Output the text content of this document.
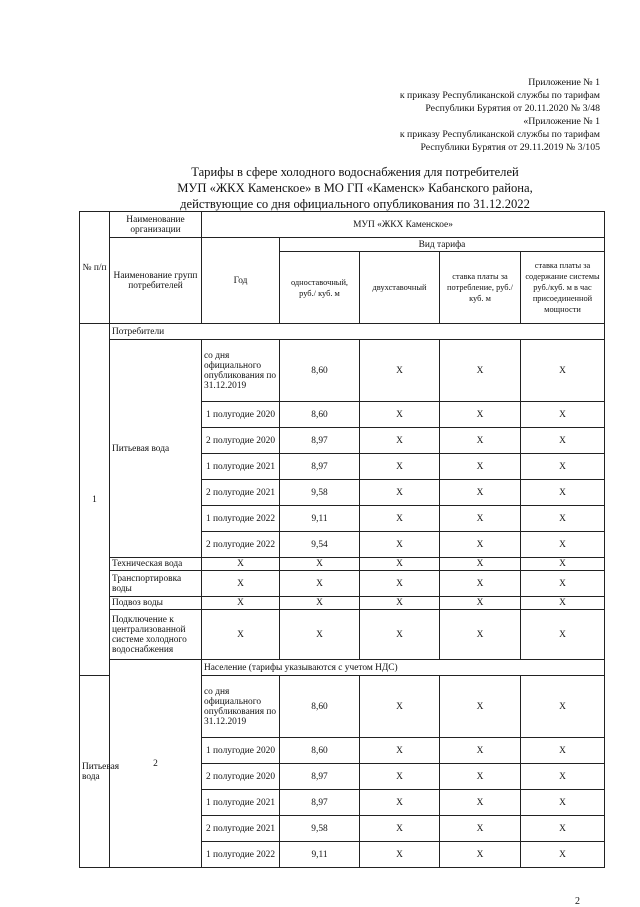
Приложение № 1
к приказу Республиканской службы по тарифам
Республики Бурятия от 20.11.2020 № 3/48
«Приложение № 1
к приказу Республиканской службы по тарифам
Республики Бурятия от 29.11.2019 № 3/105
Тарифы в сфере холодного водоснабжения для потребителей
МУП «ЖКХ Каменское» в МО ГП «Каменск» Кабанского района,
действующие со дня официального опубликования по 31.12.2022
№ п/п	Наименование организации	МУП «ЖКХ Каменское»				
	Наименование групп потребителей	Год	Вид тарифа			
			одноставочный, руб./ куб. м	двухставочный	ставка платы за потребление, руб./ куб. м	ставка платы за содержание системы руб./куб. м в час присоединенной мощности
1	Потребители					
	Питьевая вода	со дня официального опубликования по 31.12.2019	8,60	Х	Х	Х
		1 полугодие 2020	8,60	Х	Х	Х
		2 полугодие 2020	8,97	Х	Х	Х
		1 полугодие 2021	8,97	Х	Х	Х
		2 полугодие 2021	9,58	Х	Х	Х
		1 полугодие 2022	9,11	Х	Х	Х
		2 полугодие 2022	9,54	Х	Х	Х
	Техническая вода	Х	Х	Х	Х	Х
	Транспортировка воды	Х	Х	Х	Х	Х
	Подвоз воды	Х	Х	Х	Х	Х
	Подключение к централизованной системе холодного водоснабжения	Х	Х	Х	Х	Х
	2	Население (тарифы указываются с учетом НДС)				
Питьевая вода		со дня официального опубликования по 31.12.2019	8,60	Х	Х	Х
		1 полугодие 2020	8,60	Х	Х	Х
		2 полугодие 2020	8,97	Х	Х	Х
		1 полугодие 2021	8,97	Х	Х	Х
		2 полугодие 2021	9,58	Х	Х	Х
		1 полугодие 2022	9,11	Х	Х	Х
2
